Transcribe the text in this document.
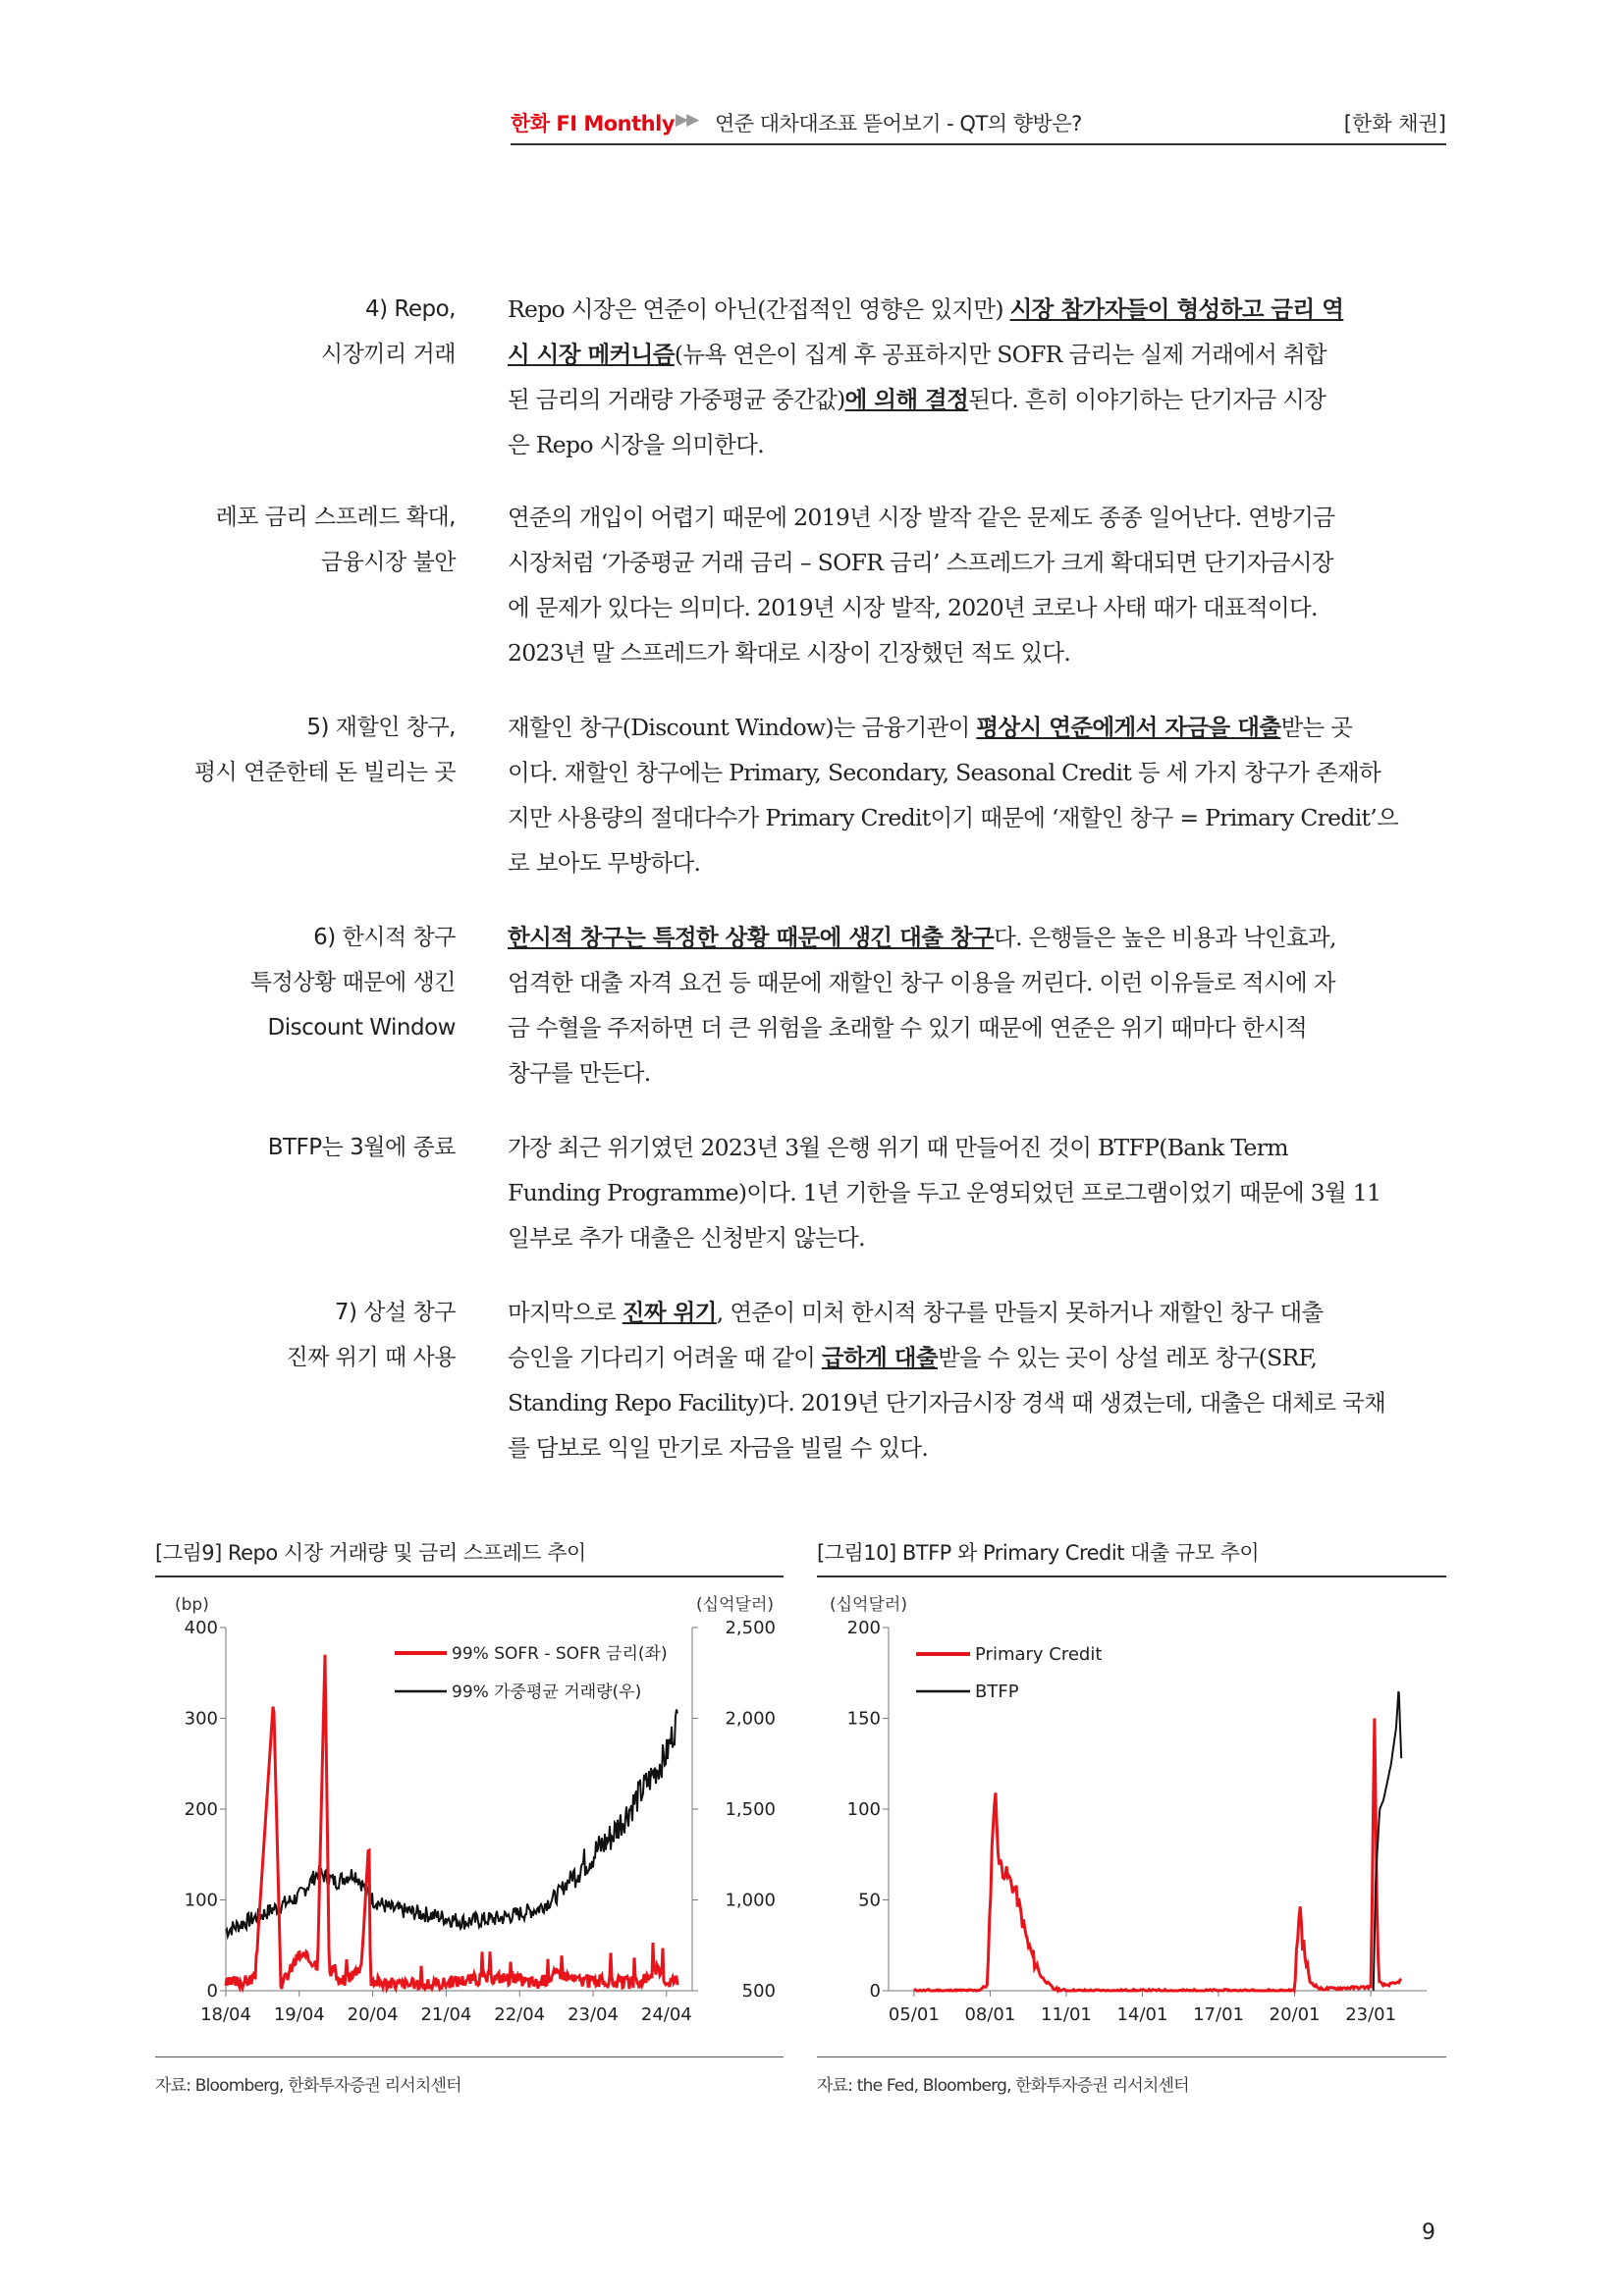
한화 FI Monthly ▶▶ 연준 대차대조표 뜯어보기 - QT의 향방은?	[한화 채권]
4) Repo,
시장끼리 거래
Repo 시장은 연준이 아닌(간접적인 영향은 있지만) 시장 참가자들이 형성하고 금리 역
시 시장 메커니즘(뉴욕 연은이 집계 후 공표하지만 SOFR 금리는 실제 거래에서 취합
된 금리의 거래량 가중평균 중간값)에 의해 결정된다. 흔히 이야기하는 단기자금 시장
은 Repo 시장을 의미한다.
레포 금리 스프레드 확대,
금융시장 불안
연준의 개입이 어렵기 때문에 2019년 시장 발작 같은 문제도 종종 일어난다. 연방기금
시장처럼 ‘가중평균 거래 금리 – SOFR 금리’ 스프레드가 크게 확대되면 단기자금시장
에 문제가 있다는 의미다. 2019년 시장 발작, 2020년 코로나 사태 때가 대표적이다.
2023년 말 스프레드가 확대로 시장이 긴장했던 적도 있다.
5) 재할인 창구,
평시 연준한테 돈 빌리는 곳
재할인 창구(Discount Window)는 금융기관이 평상시 연준에게서 자금을 대출받는 곳
이다. 재할인 창구에는 Primary, Secondary, Seasonal Credit 등 세 가지 창구가 존재하
지만 사용량의 절대다수가 Primary Credit이기 때문에 ‘재할인 창구 = Primary Credit’으
로 보아도 무방하다.
6) 한시적 창구
특정상황 때문에 생긴
Discount Window
한시적 창구는 특정한 상황 때문에 생긴 대출 창구다. 은행들은 높은 비용과 낙인효과,
엄격한 대출 자격 요건 등 때문에 재할인 창구 이용을 꺼린다. 이런 이유들로 적시에 자
금 수혈을 주저하면 더 큰 위험을 초래할 수 있기 때문에 연준은 위기 때마다 한시적
창구를 만든다.
BTFP는 3월에 종료 가장 최근 위기였던 2023년 3월 은행 위기 때 만들어진 것이 BTFP(Bank Term
Funding Programme)이다. 1년 기한을 두고 운영되었던 프로그램이었기 때문에 3월 11
일부로 추가 대출은 신청받지 않는다.
7) 상설 창구
진짜 위기 때 사용
마지막으로 진짜 위기, 연준이 미처 한시적 창구를 만들지 못하거나 재할인 창구 대출
승인을 기다리기 어려울 때 같이 급하게 대출받을 수 있는 곳이 상설 레포 창구(SRF,
Standing Repo Facility)다. 2019년 단기자금시장 경색 때 생겼는데, 대출은 대체로 국채
를 담보로 익일 만기로 자금을 빌릴 수 있다.
[그림9] Repo 시장 거래량 및 금리 스프레드 추이
(bp)	(십억달러)
0
100
200
300
400
500
1,000
1,500
2,000
2,500
18/04 19/04 20/04 21/04 22/04 23/04 24/04
99% SOFR - SOFR 금리(좌)
99% 가중평균 거래량(우)
자료: Bloomberg, 한화투자증권 리서치센터
[그림10] BTFP 와 Primary Credit 대출 규모 추이
(십억달러)
0
50
100
150
200
05/01 08/01 11/01 14/01 17/01 20/01 23/01
Primary Credit
BTFP
자료: the Fed, Bloomberg, 한화투자증권 리서치센터
9
